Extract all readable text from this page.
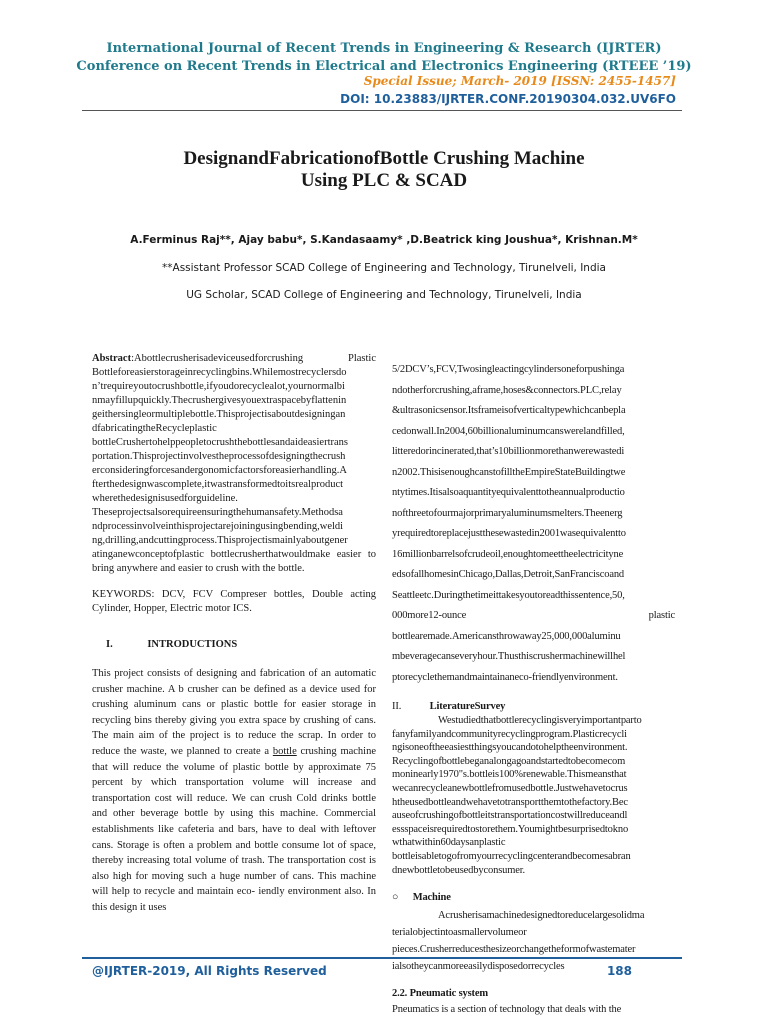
International Journal of Recent Trends in Engineering & Research (IJRTER)
Conference on Recent Trends in Electrical and Electronics Engineering (RTEEE ’19)
Special Issue; March- 2019 [ISSN: 2455-1457]
DOI: 10.23883/IJRTER.CONF.20190304.032.UV6FO
DesignandFabricationofBottle Crushing Machine
Using PLC & SCAD
A.Ferminus Raj**, Ajay babu*, S.Kandasaamy* ,D.Beatrick king Joushua*, Krishnan.M*
**Assistant Professor SCAD College of Engineering and Technology, Tirunelveli, India
UG Scholar, SCAD College of Engineering and Technology, Tirunelveli, India

Abstract:Abottlecrusherisadeviceusedforcrushing Plastic Bottleforeasierstorageinrecyclingbins.Whilemostrecyclersdo n’trequireyoutocrushbottle,ifyoudorecyclealot,yournormalbi nmayfillupquickly.Thecrushergivesyouextraspacebyflattenin geithersinglеormultiplebottle.Thisprojectisaboutdesigningan dfabricatingtheRecycleplastic bottleCrushertohelppeopletocrushthebottlesandaideasiertrans portation.Thisprojectinvolvestheprocessofdesigningthecrush erconsideringforcesandergonomicfactorsforeasierhandling.A fterthedesignwascomplete,itwastransformedtoitsrealproduct wherethedesignisusedforguideline. Theseprojectsalsorequireensuringthehumansafety.Methodsa ndprocessinvolveinthisprojectarejoiningusingbending,weldi ng,drilling,andcuttingprocess.Thisprojectismainlyaboutgener atinganewconceptofplastic bottlecrusherthatwouldmake easier to bring anywhere and easier to crush with the bottle.

KEYWORDS: DCV, FCV Compreser bottles, Double acting Cylinder, Hopper, Electric motor ICS.

I.	INTRODUCTIONS

This project consists of designing and fabrication of an automatic crusher machine. A b crusher can be defined as a device used for crushing aluminum cans or plastic bottle for easier storage in recycling bins thereby giving you extra space by crushing of cans. The main aim of the project is to reduce the scrap. In order to reduce the waste, we planned to create a bottle crushing machine that will reduce the volume of plastic bottle by approximate 75 percent by which transportation volume will increase and transportation cost will reduce. We can crush Cold drinks bottle and other beverage bottle by using this machine. Commercial establishments like cafeteria and bars, have to deal with leftover cans. Storage is often a problem and bottle consume lot of space, thereby increasing total volume of trash. The transportation cost is also high for moving such a huge number of cans. This machine will help to recycle and maintain eco- iendly environment also. In this design it uses

5/2DCV’s,FCV,Twosingleactingcylindersoneforpushinga ndotherforcrushing,aframe,hoses&connectors.PLC,relay &ultrasonicsensor.Itsframeisofverticaltypewhichcanbepla cedonwall.In2004,60billionaluminumcanswerelandfilled, litteredorincinerated,that’s10billionmorethanwerewastedi n2002.ThisisenoughcanstofilltheEmpireStateBuildingtwe ntytimes.Itisalsoaquantityequivalenttotheannualproductio nofthreetofourmajorprimaryaluminumsmelters.Theenerg yrequiredtoreplacejustthesewastedin2001wasequivalentto 16millionbarrelsofcrudeoil,enoughtomeettheelectricityne edsofallhomesinChicago,Dallas,Detroit,SanFranciscoand Seattleetc.Duringthetimeittakesyoutoreadthissentence,50, 000more12-ounce plastic bottlearemade.Americansthrowaway25,000,000aluminu mbeveragecanseveryhour.Thusthiscrushermachinewillhel ptorecyclethemandmaintainaneco-friendlyenvironment.

II.	LiteratureSurvey

Westudiedthatbottlerecyclingisveryimportantparto fanyfamilyandcommunityrecyclingprogram.Plasticrecycli ngisoneoftheeasiestthingsyoucandotohelptheenvironment. Recyclingofbottlebeganalongagoandstartedtobecomecom moninearly1970"s.bottleis100%renewable.Thismeansthat wecanrecycleanewbottlefromusedbottle.Justwehavetocrus htheusedbottleandwehavetotransportthemtothefactory.Bec auseofcrushingofbottleitstransportationcostwillreduceandl essspaceisrequiredtostorethem.Youmightbesurprisedtokno wthatwithin60daysanplastic bottleisabletogofromyourrecyclingcenterandbecomesabran dnewbottletobeusedbyconsumer.

○ Machine

Acrusherisamachinedesignedtoreducelargesolidma terialobjectintoasmallervolumeor pieces.Crusherreducesthesizeorchangetheformofwastemater ialsotheycanmoreeasilydisposedorrecycles

2.2. Pneumatic system

Pneumatics is a section of technology that deals with the

@IJRTER-2019, All Rights Reserved	188
